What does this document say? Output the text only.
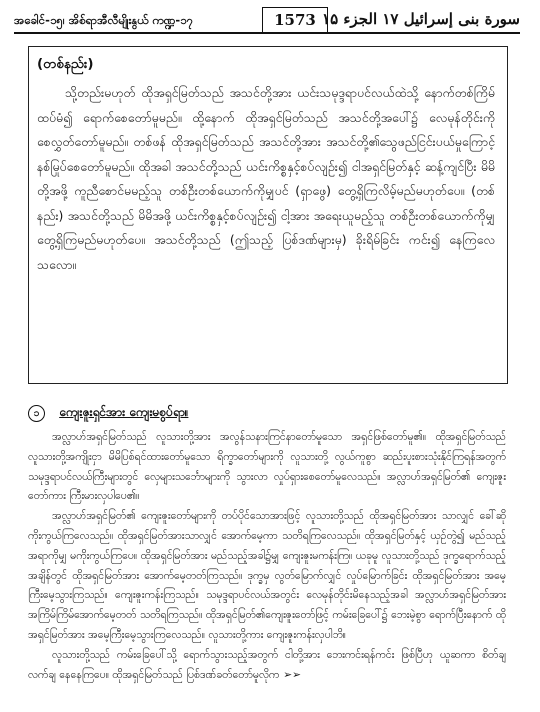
အခေါင်-၁၅၊ အိစ်ရာအီလီမျိုးနွယ် ကဏ္ဍ-၁၇	1573 سورة بنی إسرائیل ۱۷ الجزء ۱۵
(တစ်နည်း)

သို့တည်းမဟုတ် ထိုအရှင်မြတ်သည် အသင်တို့အား ယင်းသမုဒ္ဒရာပင်လယ်ထဲသို့ နောက်တစ်ကြိမ် ထပ်မံ၍ ရောက်စေတော်မူမည်။ ထို့နောက် ထိုအရှင်မြတ်သည် အသင်တို့အပေါ်၌ လေမုန်တိုင်းကို စေလွှတ်တော်မူမည်။ တစ်ဖန် ထိုအရှင်မြတ်သည် အသင်တို့အား အသင်တို့၏သွေဖည်ငြင်းပယ်မှုကြောင့် နစ်မြုပ်စေတော်မူမည်။ ထိုအခါ အသင်တို့သည် ယင်းကိစ္စနှင့်စပ်လျဉ်း၍ ငါအရှင်မြတ်နှင့် ဆန့်ကျင်ပြီး မိမိတို့အဖို့ ကူညီစောင်မမည့်သူ တစ်ဦးတစ်ယောက်ကိုမျှပင် (ရှာဖွေ) တွေ့ရှိကြလိမ့်မည်မဟုတ်ပေ။ (တစ်နည်း) အသင်တို့သည် မိမိအဖို့ ယင်းကိစ္စနှင့်စပ်လျဉ်း၍ ငါ့အား အရေးယူမည့်သူ တစ်ဦးတစ်ယောက်ကိုမျှ တွေ့ရှိကြမည်မဟုတ်ပေ။ အသင်တို့သည် (ဤသည့် ပြစ်ဒဏ်များမှ) ခိုးရိမ်ခြင်း ကင်း၍ နေကြလေသလော။

၁ ကျေးဇူးရှင်အား ကျေးမစွပ်ရာ။

အလ္လာဟ်အရှင်မြတ်သည် လူသားတို့အား အလွန်သနားကြင်နာတော်မူသော အရှင်ဖြစ်တော်မူ၏။ ထိုအရှင်မြတ်သည် လူသားတို့အကျိုးငှာ မိမိပြစ်ရင်ထားတော်မူသော ရိက္ခာတော်များကို လူသားတို့ လွယ်ကူစွာ ဆည်းပူးစားသုံးနိုင်ကြရန်အတွက် သမုဒ္ဒရာပင်လယ်ကြီးများတွင် လှေများသင်္ဘောများကို သွားလာ လှုပ်ရှားစေတော်မူလေသည်။ အလ္လာဟ်အရှင်မြတ်၏ ကျေးဇူးတော်ကား ကြီးမားလှပါပေ၏။

အလ္လာဟ်အရှင်မြတ်၏ ကျေးဇူးတော်များကို တပ်ပိုင်သောအားဖြင့် လူသားတို့သည် ထိုအရှင်မြတ်အား သာလျှင် ခေါ်ဆိုကိုးကွယ်ကြလေသည်။ ထိုအရှင်မြတ်အားသာလျှင် အောက်မေ့ကာ သတိရကြလေသည်။ ထိုအရှင်မြတ်နှင့် ယှဉ်တွဲ၍ မည်သည့်အရာကိုမျှ မကိုးကွယ်ကြပေ။ ထိုအရှင်မြတ်အား မည်သည့်အခါ၌မျှ ကျေးဇူးမကန်းကြ။ ယခုမူ လူသားတို့သည် ဒုက္ခရောက်သည့်အချိန်တွင် ထိုအရှင်မြတ်အား အောက်မေ့တတ်ကြသည်။ ဒုက္ခမှ လွတ်မြောက်လျှင် လှုပ်မြောက်ခြင်း ထိုအရှင်မြတ်အား အမေ့ကြီးမေ့သွားကြသည်။ ကျေးဇူးကန်းကြသည်။ သမုဒ္ဒရာပင်လယ်အတွင်း လေမုန်တိုင်းမိနေသည့်အခါ အလ္လာဟ်အရှင်မြတ်အား အကြိမ်ကြိမ်အောက်မေ့တတ် သတိရကြသည်။ ထိုအရှင်မြတ်၏ကျေးဇူးတော်ဖြင့် ကမ်းခြေပေါ်၌ ဘေးမဲ့စွာ ရောက်ပြီးနောက် ထိုအရှင်မြတ်အား အမေ့ကြီးမေ့သွားကြလေသည်။ လူသားတို့ကား ကျေးဇူးကန်းလှပါဘိ။

လူသားတို့သည် ကမ်းခြေပေါ်သို့ ရောက်သွားသည့်အတွက် ငါတို့အား ဘေးကင်းရန်ကင်း ဖြစ်ပြီဟု ယူဆကာ စိတ်ချလက်ချ နေနေကြပေ။ ထိုအရှင်မြတ်သည် ပြစ်ဒဏ်ခတ်တော်မူလိုက ➢➢
